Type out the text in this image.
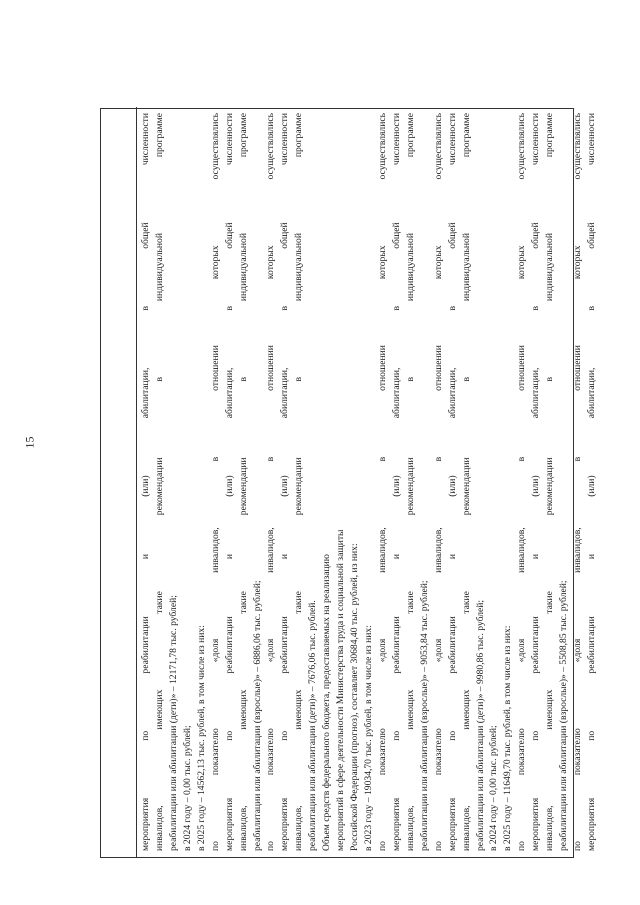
15	мероприятия по реабилитации и (или) абилитации, в общей численности инвалидов, имеющих такие рекомендации в индивидуальной программе реабилитации или абилитации (дети)» – 12171,78 тыс. рублей; в 2024 году – 0,00 тыс. рублей; в 2025 году – 14562,13 тыс. рублей, в том числе из них: по показателю «доля инвалидов, в отношении которых осуществлялись мероприятия по реабилитации и (или) абилитации, в общей численности инвалидов, имеющих такие рекомендации в индивидуальной программе реабилитации или абилитации (взрослые)» – 6886,06 тыс. рублей; по показателю «доля инвалидов, в отношении которых осуществлялись мероприятия по реабилитации и (или) абилитации, в общей численности инвалидов, имеющих такие рекомендации в индивидуальной программе реабилитации или абилитации (дети)» – 7676,06 тыс. рублей. Объем средств федерального бюджета, предоставляемых на реализацию мероприятий в сфере деятельности Министерства труда и социальной защиты Российской Федерации (прогноз), составляет 30684,40 тыс. рублей, из них: в 2023 году – 19034,70 тыс. рублей, в том числе из них: по показателю «доля инвалидов, в отношении которых осуществлялись мероприятия по реабилитации и (или) абилитации, в общей численности инвалидов, имеющих такие рекомендации в индивидуальной программе реабилитации или абилитации (взрослые)» – 9053,84 тыс. рублей; по показателю «доля инвалидов, в отношении которых осуществлялись мероприятия по реабилитации и (или) абилитации, в общей численности инвалидов, имеющих такие рекомендации в индивидуальной программе реабилитации или абилитации (дети)» – 9980,86 тыс. рублей; в 2024 году – 0,00 тыс. рублей; в 2025 году – 11649,70 тыс. рублей, в том числе из них: по показателю «доля инвалидов, в отношении которых осуществлялись мероприятия по реабилитации и (или) абилитации, в общей численности инвалидов, имеющих такие рекомендации в индивидуальной программе реабилитации или абилитации (взрослые)» – 5508,85 тыс. рублей; по показателю «доля инвалидов, в отношении которых осуществлялись мероприятия по реабилитации и (или) абилитации, в общей численности
